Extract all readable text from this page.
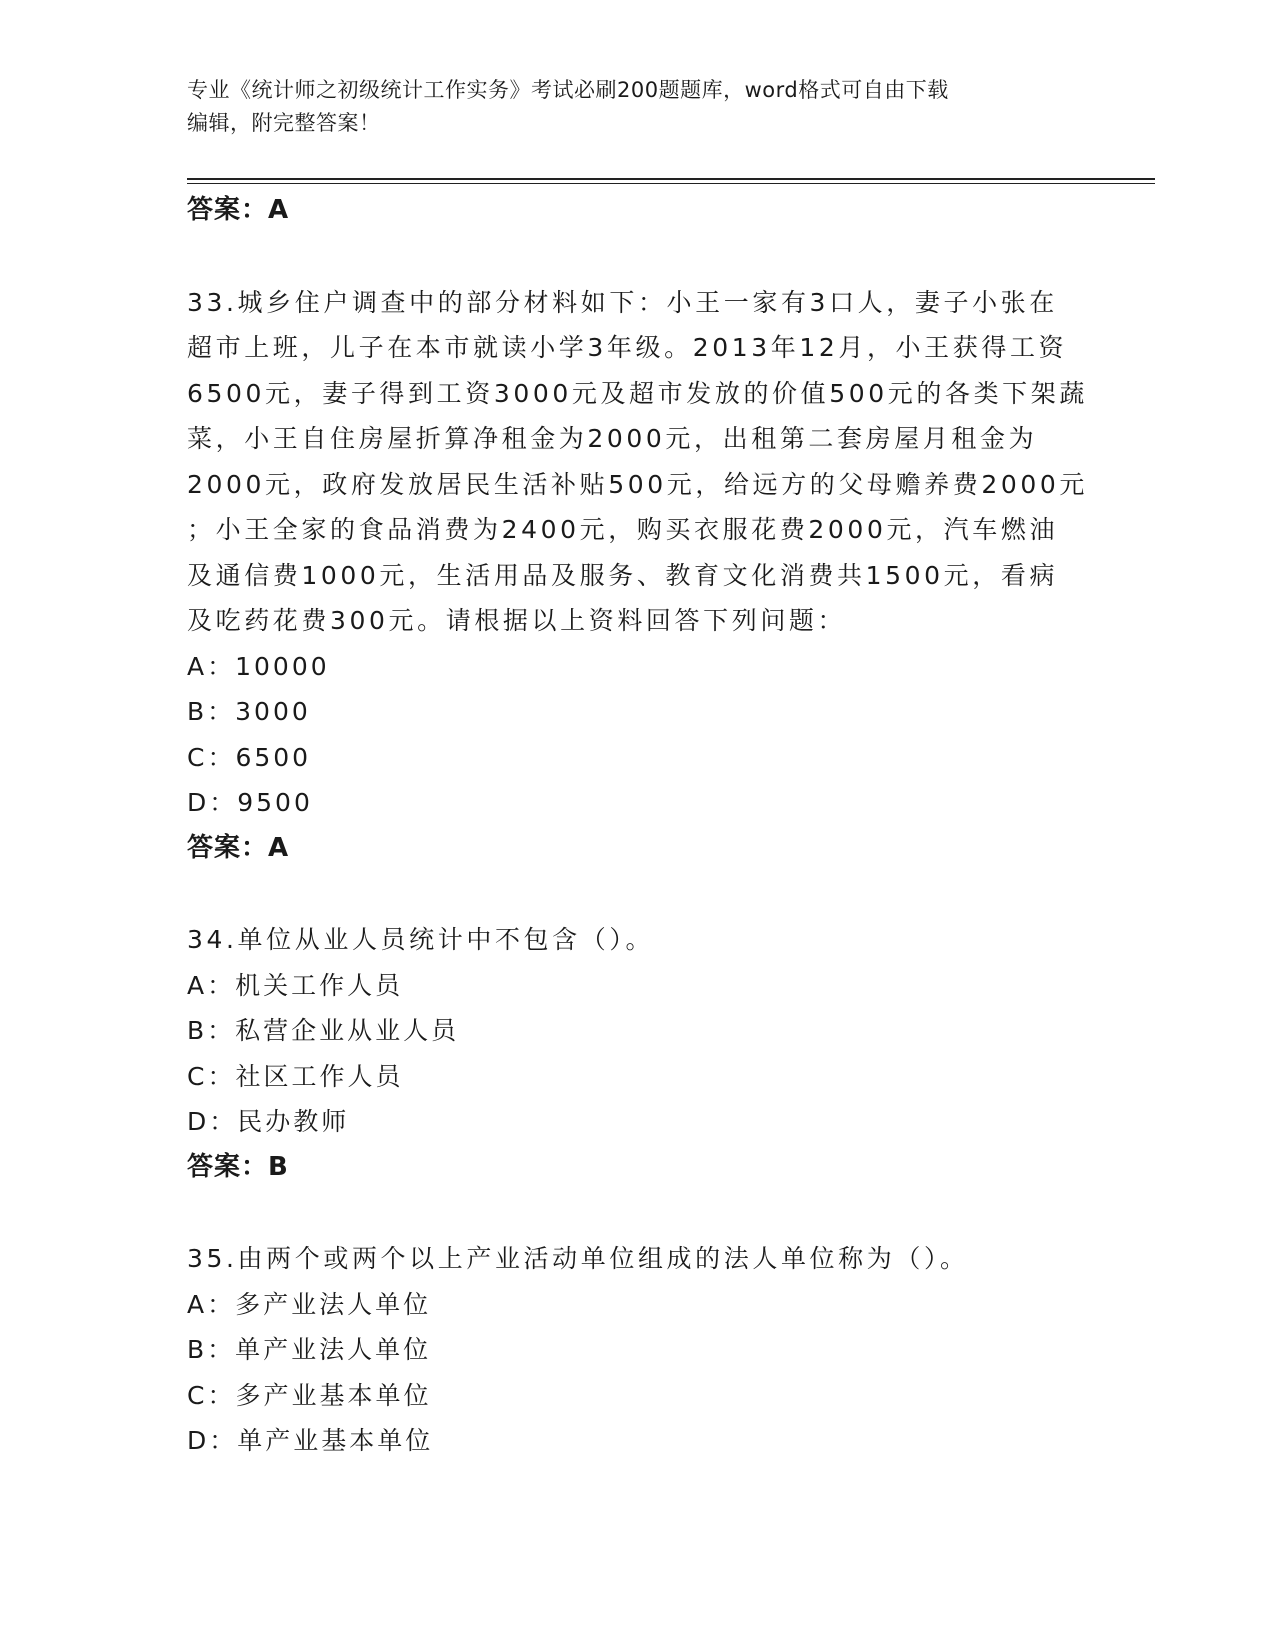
专业《统计师之初级统计工作实务》考试必刷200题题库，word格式可自由下载
编辑，附完整答案！
答案：A
33.城乡住户调查中的部分材料如下：小王一家有3口人，妻子小张在
超市上班，儿子在本市就读小学3年级。2013年12月，小王获得工资
6500元，妻子得到工资3000元及超市发放的价值500元的各类下架蔬
菜，小王自住房屋折算净租金为2000元，出租第二套房屋月租金为
2000元，政府发放居民生活补贴500元，给远方的父母赡养费2000元
；小王全家的食品消费为2400元，购买衣服花费2000元，汽车燃油
及通信费1000元，生活用品及服务、教育文化消费共1500元，看病
及吃药花费300元。请根据以上资料回答下列问题：
A：10000
B：3000
C：6500
D：9500
答案：A
34.单位从业人员统计中不包含（）。
A：机关工作人员
B：私营企业从业人员
C：社区工作人员
D：民办教师
答案：B
35.由两个或两个以上产业活动单位组成的法人单位称为（）。
A：多产业法人单位
B：单产业法人单位
C：多产业基本单位
D：单产业基本单位
